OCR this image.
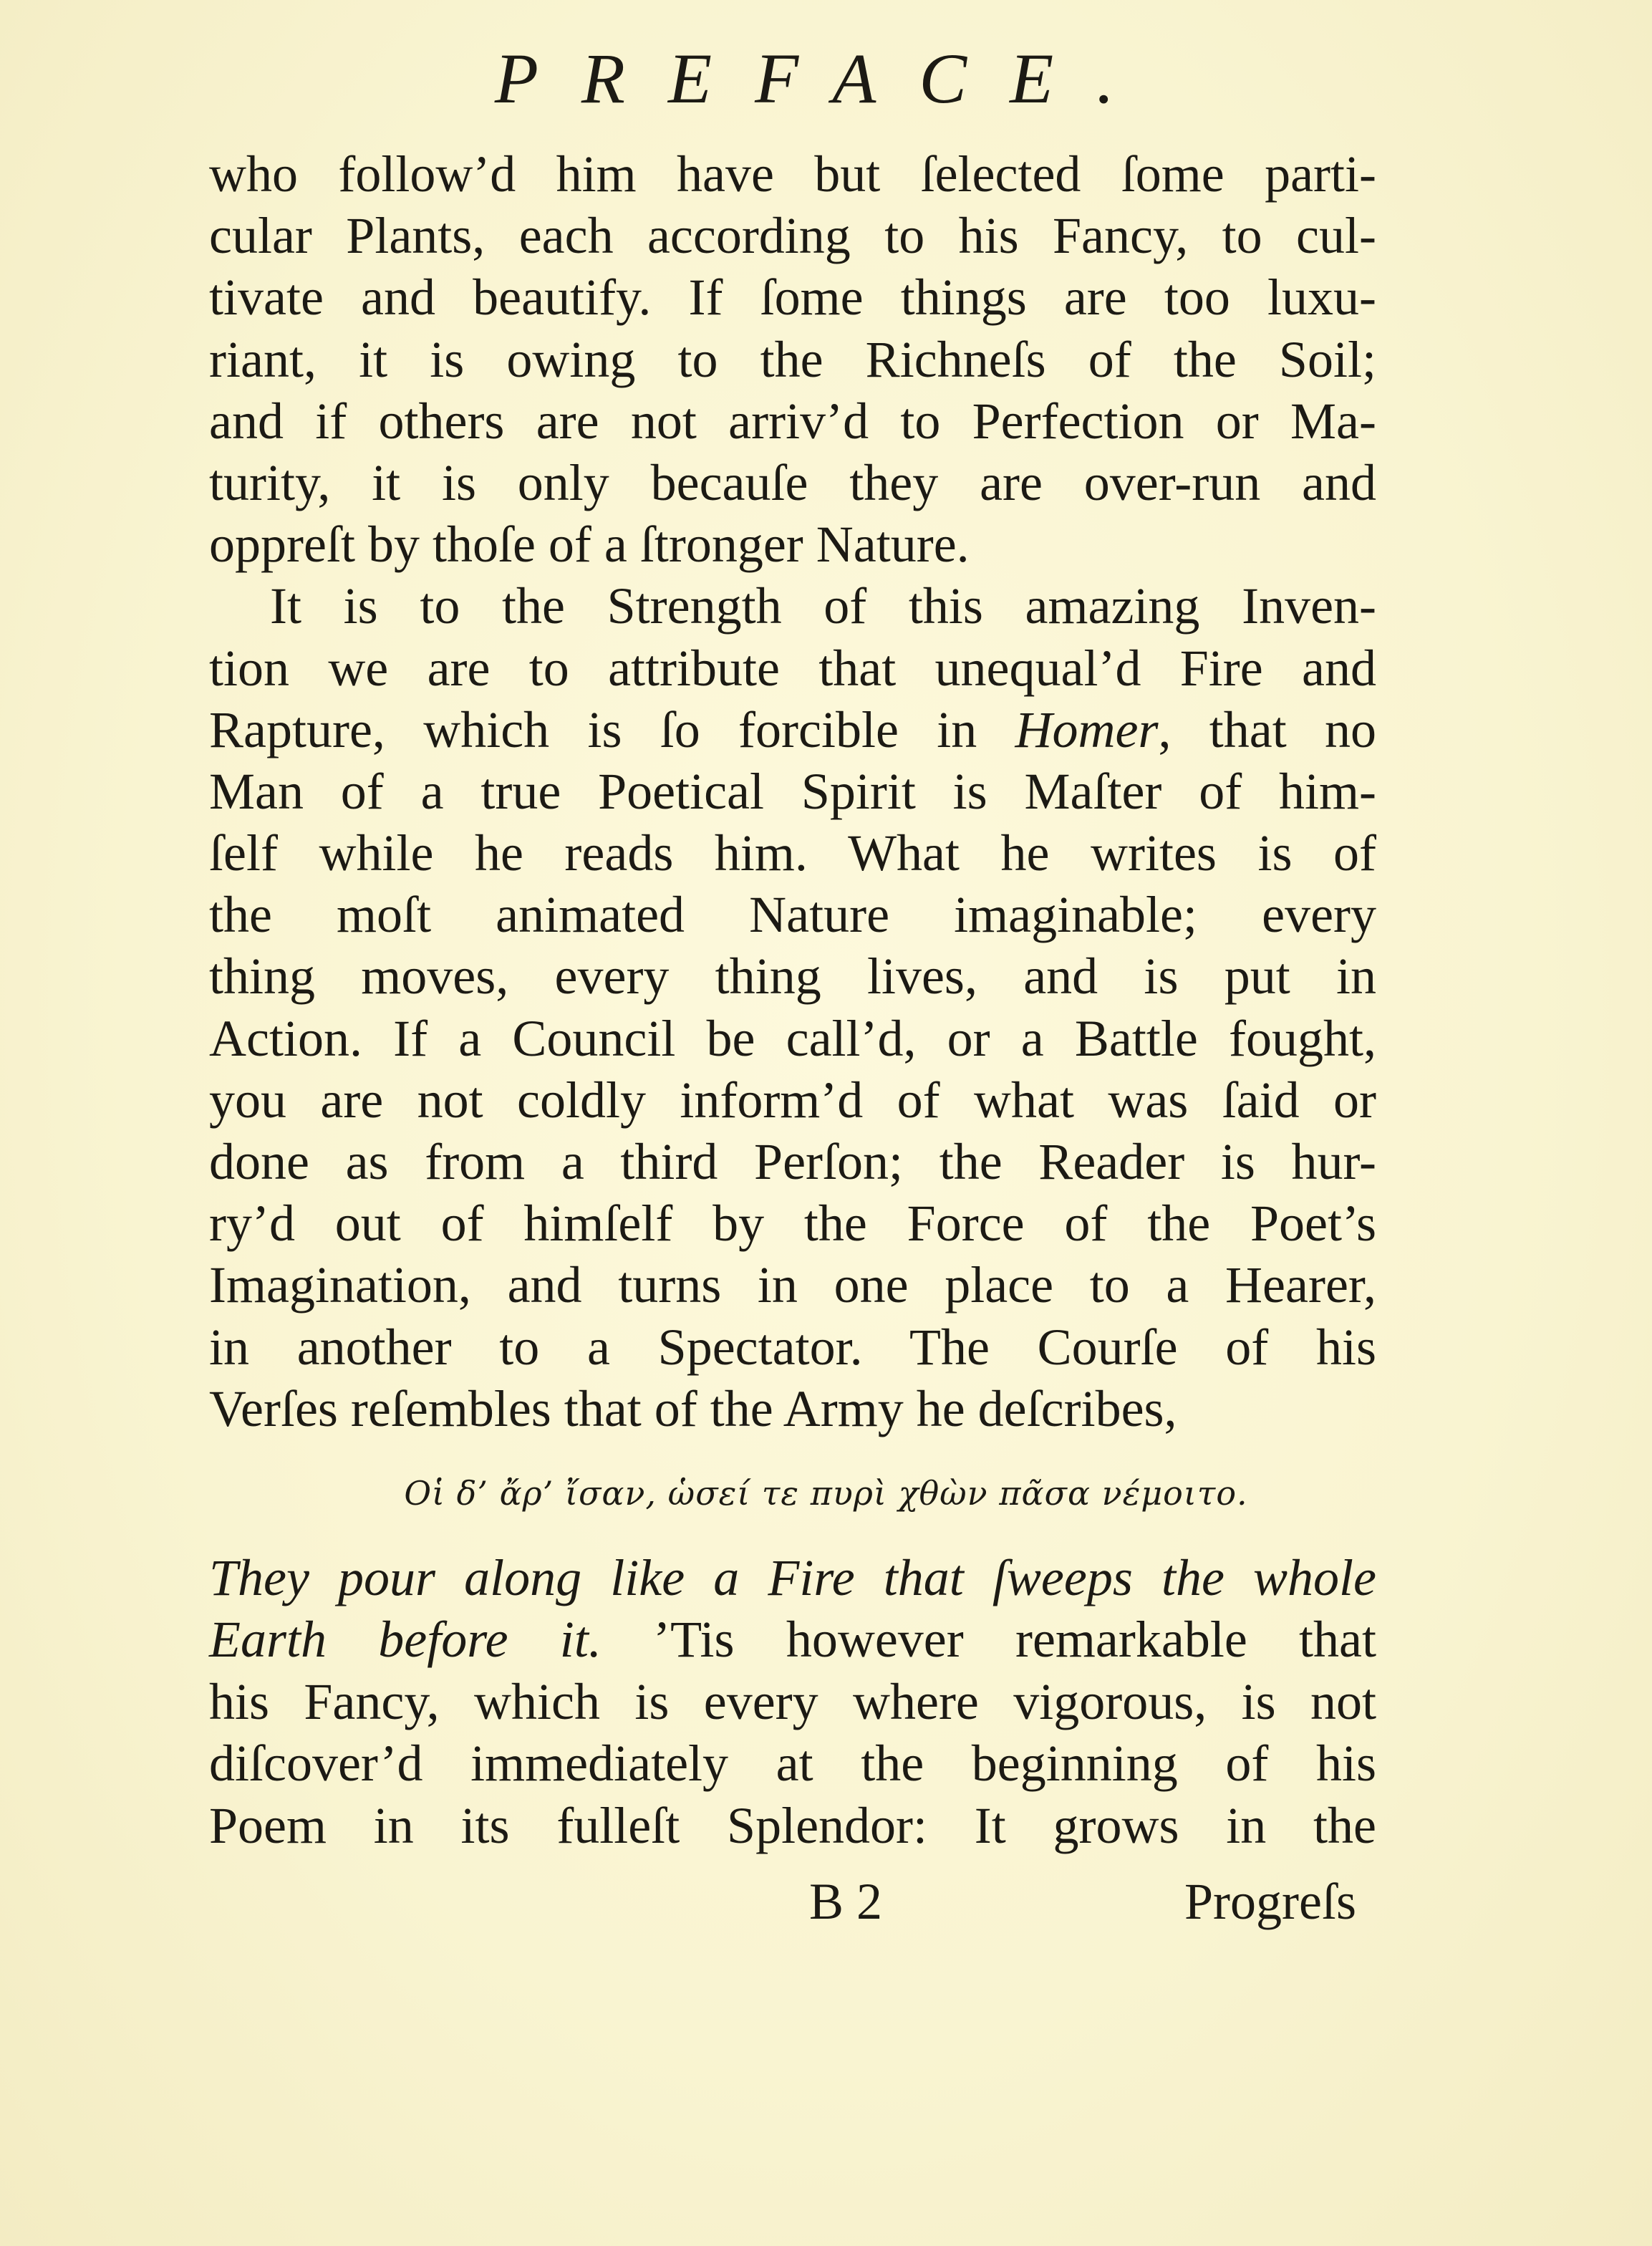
PREFACE.
who follow’d him have but ſelected ſome parti-
cular Plants, each according to his Fancy, to cul-
tivate and beautify. If ſome things are too luxu-
riant, it is owing to the Richneſs of the Soil;
and if others are not arriv’d to Perfection or Ma-
turity, it is only becauſe they are over-run and
oppreſt by thoſe of a ſtronger Nature.
It is to the Strength of this amazing Inven-
tion we are to attribute that unequal’d Fire and
Rapture, which is ſo forcible in Homer, that no
Man of a true Poetical Spirit is Maſter of him-
ſelf while he reads him. What he writes is of
the moſt animated Nature imaginable; every
thing moves, every thing lives, and is put in
Action. If a Council be call’d, or a Battle fought,
you are not coldly inform’d of what was ſaid or
done as from a third Perſon; the Reader is hur-
ry’d out of himſelf by the Force of the Poet’s
Imagination, and turns in one place to a Hearer,
in another to a Spectator. The Courſe of his
Verſes reſembles that of the Army he deſcribes,
Οἱ δ’ ἄρ’ ἴσαν, ὡσεί τε πυρὶ χθὼν πᾶσα νέμοιτο.
They pour along like a Fire that ſweeps the whole
Earth before it. ’Tis however remarkable that
his Fancy, which is every where vigorous, is not
diſcover’d immediately at the beginning of his
Poem in its fulleſt Splendor: It grows in the
B 2	Progreſs
